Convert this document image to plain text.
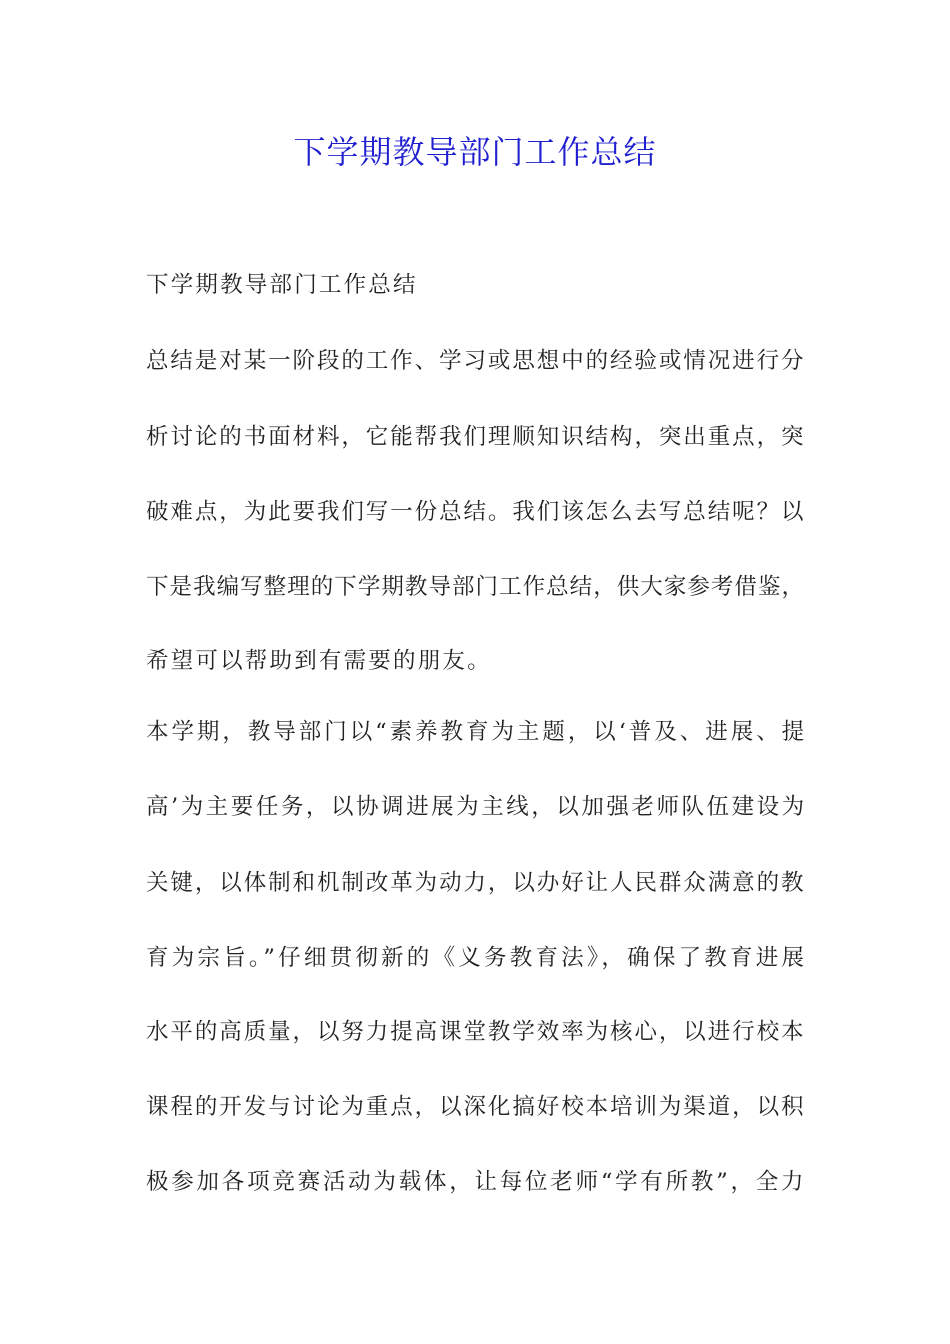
下学期教导部门工作总结
下学期教导部门工作总结
总结是对某一阶段的工作、学习或思想中的经验或情况进行分
析讨论的书面材料，它能帮我们理顺知识结构，突出重点，突
破难点，为此要我们写一份总结。我们该怎么去写总结呢？以
下是我编写整理的下学期教导部门工作总结，供大家参考借鉴，
希望可以帮助到有需要的朋友。
本学期，教导部门以“素养教育为主题，以‘普及、进展、提
高’为主要任务，以协调进展为主线，以加强老师队伍建设为
关键，以体制和机制改革为动力，以办好让人民群众满意的教
育为宗旨。”仔细贯彻新的《义务教育法》，确保了教育进展
水平的高质量，以努力提高课堂教学效率为核心，以进行校本
课程的开发与讨论为重点，以深化搞好校本培训为渠道，以积
极参加各项竞赛活动为载体，让每位老师“学有所教”，全力
